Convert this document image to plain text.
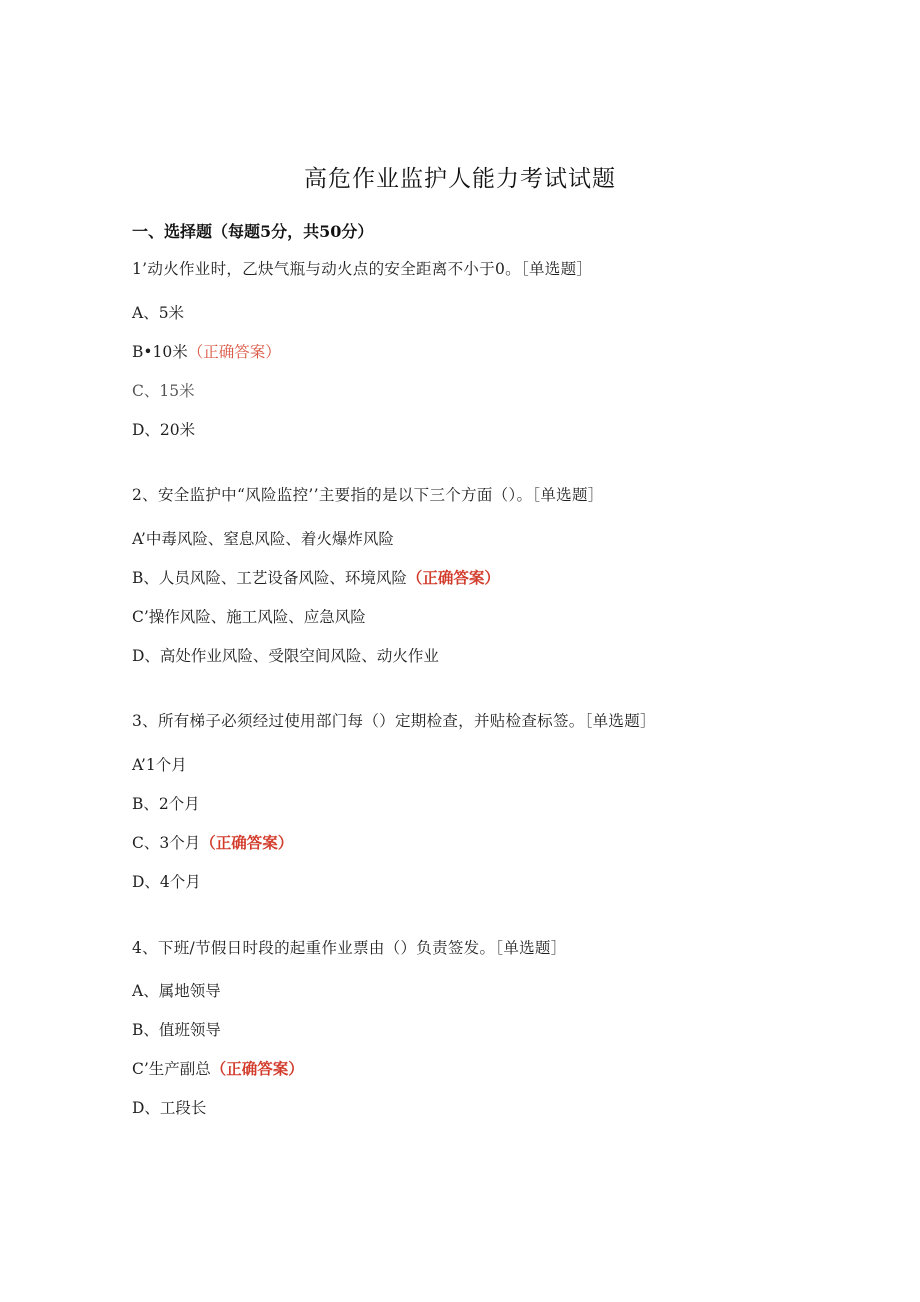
高危作业监护人能力考试试题
一、选择题（每题5分，共50分）
1’动火作业时，乙炔气瓶与动火点的安全距离不小于0。［单选题］
A、5米
B•10米（正确答案）
C、15米
D、20米
2、安全监护中“风险监控’’主要指的是以下三个方面（）。［单选题］
A’中毒风险、窒息风险、着火爆炸风险
B、人员风险、工艺设备风险、环境风险（正确答案）
C’操作风险、施工风险、应急风险
D、高处作业风险、受限空间风险、动火作业
3、所有梯子必须经过使用部门每（）定期检查，并贴检查标签。［单选题］
A’1个月
B、2个月
C、3个月（正确答案）
D、4个月
4、下班/节假日时段的起重作业票由（）负责签发。［单选题］
A、属地领导
B、值班领导
C’生产副总（正确答案）
D、工段长
